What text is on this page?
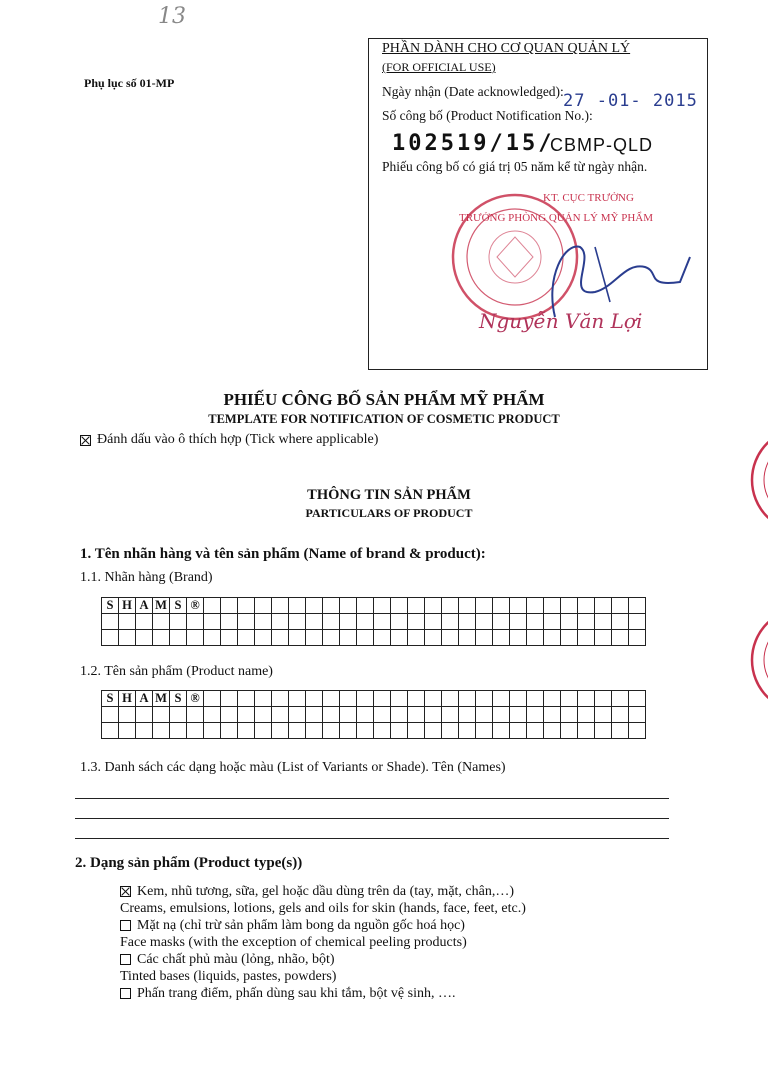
13
Phụ lục số 01-MP
PHẦN DÀNH CHO CƠ QUAN QUẢN LÝ
(FOR OFFICIAL USE)
Ngày nhận (Date acknowledged): 27 -01- 2015
Số công bố (Product Notification No.):
102519/15/
CBMP-QLD
Phiếu công bố có giá trị 05 năm kể từ ngày nhận.
KT. CỤC TRƯỞNG
TRƯỞNG PHÒNG QUẢN LÝ MỸ PHẨM
Nguyễn Văn Lợi
PHIẾU CÔNG BỐ SẢN PHẨM MỸ PHẨM
TEMPLATE FOR NOTIFICATION OF COSMETIC PRODUCT
Đánh dấu vào ô thích hợp (Tick where applicable)
THÔNG TIN SẢN PHẨM
PARTICULARS OF PRODUCT
1. Tên nhãn hàng và tên sản phẩm (Name of brand & product):
1.1. Nhãn hàng (Brand)
S	H	A	M	S	®																										

1.2. Tên sản phẩm (Product name)
S	H	A	M	S	®																										

1.3. Danh sách các dạng hoặc màu (List of Variants or Shade). Tên (Names)
2. Dạng sản phẩm (Product type(s))
Kem, nhũ tương, sữa, gel hoặc dầu dùng trên da (tay, mặt, chân,…)
Creams, emulsions, lotions, gels and oils for skin (hands, face, feet, etc.)
Mặt nạ (chỉ trừ sản phẩm làm bong da nguồn gốc hoá học)
Face masks (with the exception of chemical peeling products)
Các chất phủ màu (lỏng, nhão, bột)
Tinted bases (liquids, pastes, powders)
Phấn trang điểm, phấn dùng sau khi tắm, bột vệ sinh, ….
